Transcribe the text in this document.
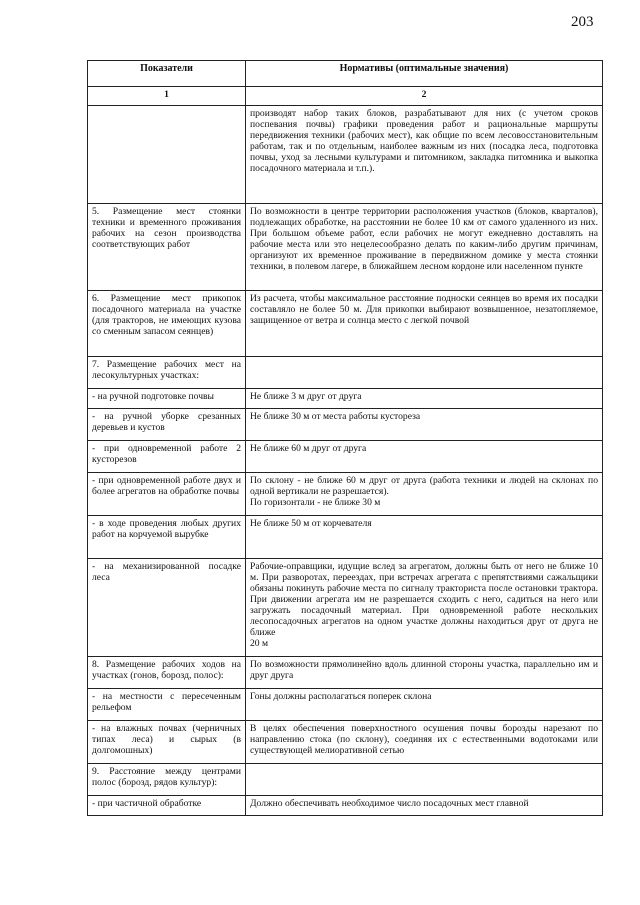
203
Показатели	Нормативы (оптимальные значения)
1	2
	производят набор таких блоков, разрабатывают для них (с учетом сроков поспевания почвы) графики проведения работ и рациональные маршруты передвижения техники (рабочих мест), как общие по всем лесовосстановительным работам, так и по отдельным, наиболее важным из них (посадка леса, подготовка почвы, уход за лесными культурами и питомником, закладка питомника и выкопка посадочного материала и т.п.).
5. Размещение мест стоянки техники и временного проживания рабочих на сезон производства соответствующих работ	По возможности в центре территории расположения участков (блоков, кварталов), подлежащих обработке, на расстоянии не более 10 км от самого удаленного из них. При большом объеме работ, если рабочих не могут ежедневно доставлять на рабочие места или это нецелесообразно делать по каким-либо другим причинам, организуют их временное проживание в передвижном домике у места стоянки техники, в полевом лагере, в ближайшем лесном кордоне или населенном пункте
6. Размещение мест прикопок посадочного материала на участке (для тракторов, не имеющих кузова со сменным запасом сеянцев)	Из расчета, чтобы максимальное расстояние поднoски сеянцев во время их посадки составляло не более 50 м. Для прикопки выбирают возвышенное, незатопляемое, защищенное от ветра и солнца место с легкой почвой
7. Размещение рабочих мест на лесокультурных участках:	
- на ручной подготовке почвы	Не ближе 3 м друг от друга
- на ручной уборке срезанных деревьев и кустов	Не ближе 30 м от места работы кустореза
- при одновременной работе 2 кусторезов	Не ближе 60 м друг от друга
- при одновременной работе двух и более агрегатов на обработке почвы	По склону - не ближе 60 м друг от друга (работа техники и людей на склонах по одной вертикали не разрешается).
По горизонтали - не ближе 30 м
- в ходе проведения любых других работ на корчуемой вырубке	Не ближе 50 м от корчевателя
- на механизированной посадке леса	Рабочие-оправщики, идущие вслед за агрегатом, должны быть от него не ближе 10 м. При разворотах, переездах, при встречах агрегата с препятствиями сажальщики обязаны покинуть рабочие места по сигналу тракториста после остановки трактора. При движении агрегата им не разрешается сходить с него, садиться на него или загружать посадочный материал. При одновременной работе нескольких лесопосадочных агрегатов на одном участке должны находиться друг от друга не ближе
20 м
8. Размещение рабочих ходов на участках (гонов, борозд, полос):	По возможности прямолинейно вдоль длинной стороны участка, параллельно им и друг друга
- на местности с пересеченным рельефом	Гоны должны располагаться поперек склона
- на влажных почвах (черничных типах леса) и сырых (в долгомошных)	В целях обеспечения поверхностного осушения почвы борозды нарезают по направлению стока (по склону), соединяя их с естественными водотоками или существующей мелиоративной сетью
9. Расстояние между центрами полос (борозд, рядов культур):	
- при частичной обработке	Должно обеспечивать необходимое число посадочных мест главной
